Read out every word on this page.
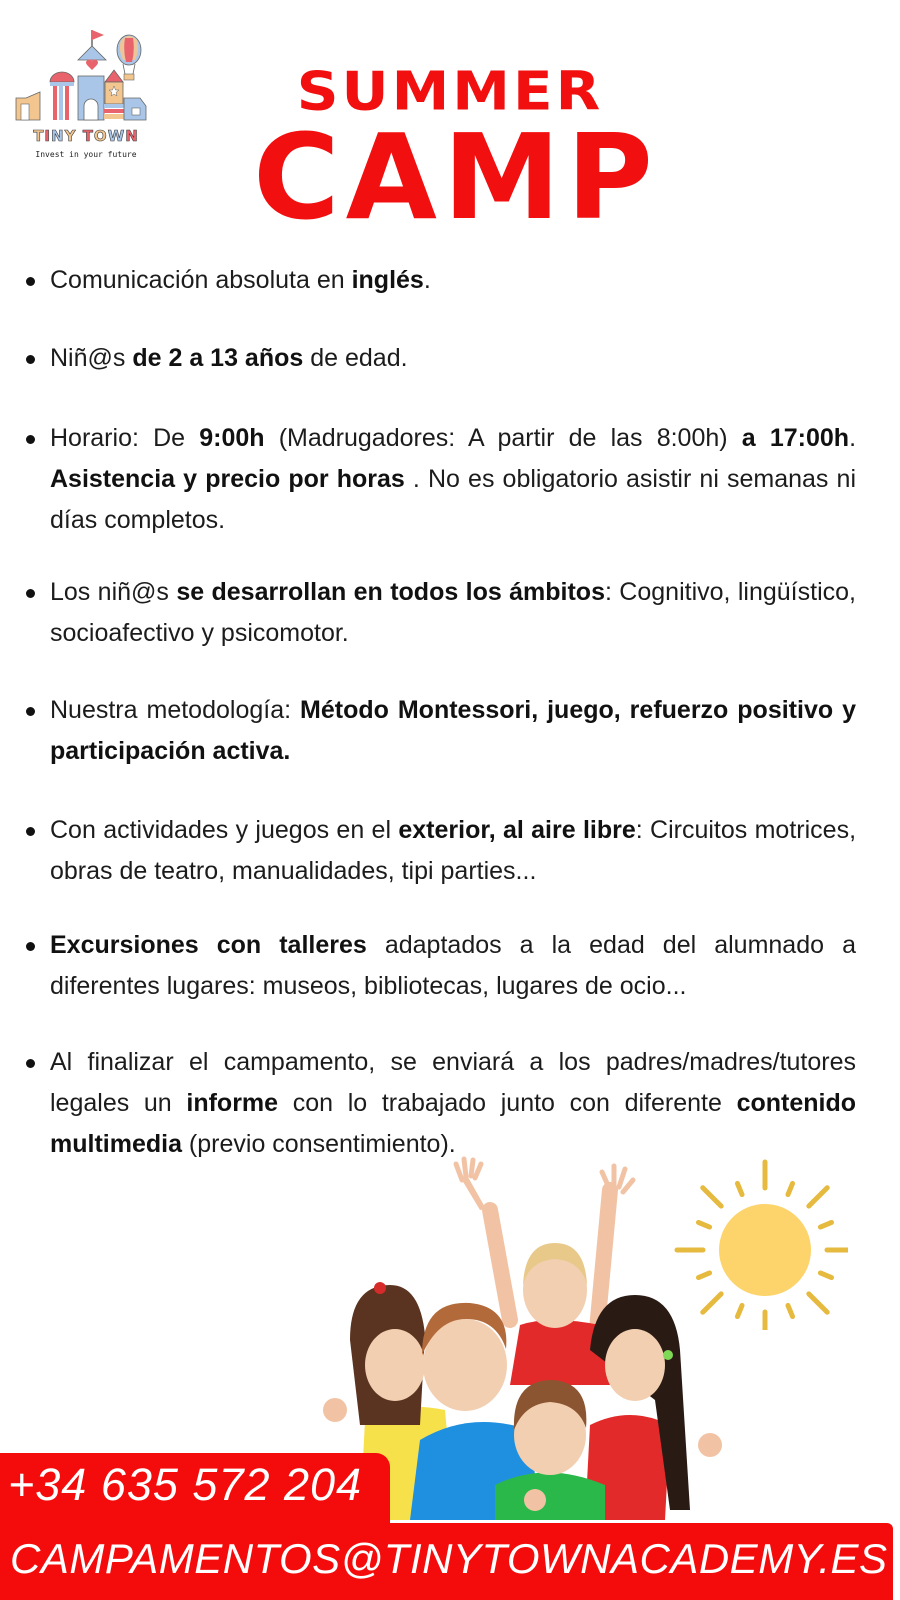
TINY TOWN
Invest in your future
SUMMER
CAMP
Comunicación absoluta en inglés.
Niñ@s de 2 a 13 años de edad.
Horario: De 9:00h (Madrugadores: A partir de las 8:00h) a 17:00h. Asistencia y precio por horas . No es obligatorio asistir ni semanas ni días completos.
Los niñ@s se desarrollan en todos los ámbitos: Cognitivo, lingüístico, socioafectivo y psicomotor.
Nuestra metodología: Método Montessori, juego, refuerzo positivo y participación activa.
Con actividades y juegos en el exterior, al aire libre: Circuitos motrices, obras de teatro, manualidades, tipi parties...
Excursiones con talleres adaptados a la edad del alumnado a diferentes lugares: museos, bibliotecas, lugares de ocio...
Al finalizar el campamento, se enviará a los padres/madres/tutores legales un informe con lo trabajado junto con diferente contenido multimedia (previo consentimiento).
+34 635 572 204
CAMPAMENTOS@TINYTOWNACADEMY.ES
